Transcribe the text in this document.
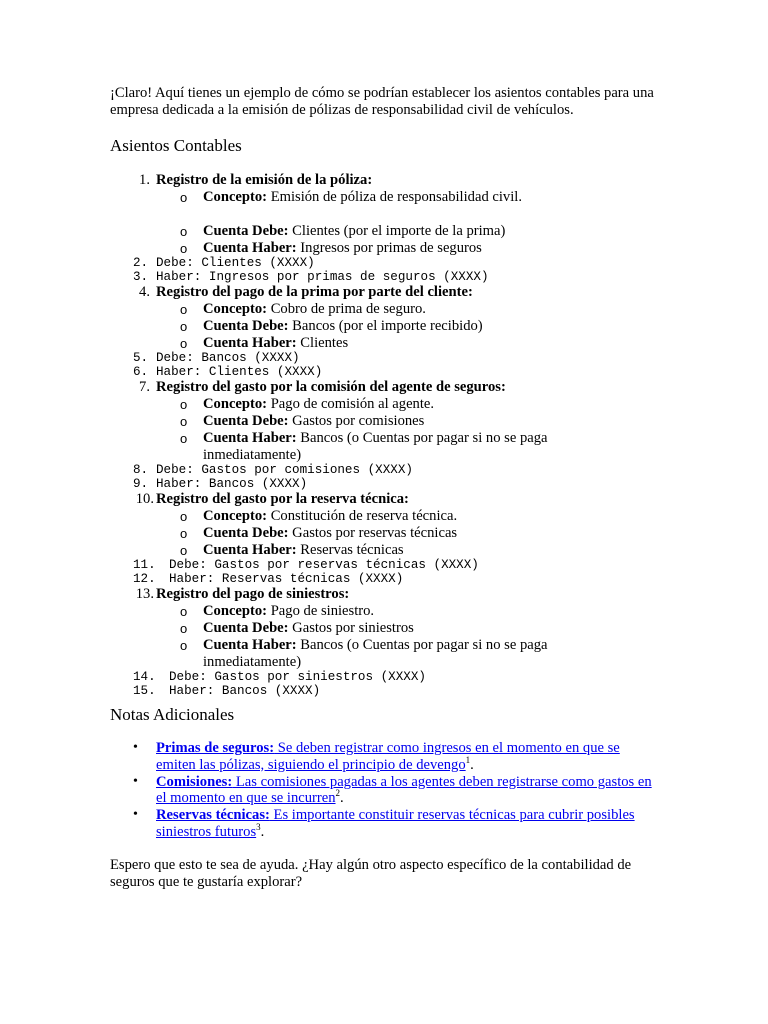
¡Claro! Aquí tienes un ejemplo de cómo se podrían establecer los asientos contables para una empresa dedicada a la emisión de pólizas de responsabilidad civil de vehículos.
Asientos Contables
1. Registro de la emisión de la póliza:
o Concepto: Emisión de póliza de responsabilidad civil.
o Cuenta Debe: Clientes (por el importe de la prima)
o Cuenta Haber: Ingresos por primas de seguros
2. Debe: Clientes (XXXX)
3. Haber: Ingresos por primas de seguros (XXXX)
4. Registro del pago de la prima por parte del cliente:
o Concepto: Cobro de prima de seguro.
o Cuenta Debe: Bancos (por el importe recibido)
o Cuenta Haber: Clientes
5. Debe: Bancos (XXXX)
6. Haber: Clientes (XXXX)
7. Registro del gasto por la comisión del agente de seguros:
o Concepto: Pago de comisión al agente.
o Cuenta Debe: Gastos por comisiones
o Cuenta Haber: Bancos (o Cuentas por pagar si no se paga inmediatamente)
8. Debe: Gastos por comisiones (XXXX)
9. Haber: Bancos (XXXX)
10. Registro del gasto por la reserva técnica:
o Concepto: Constitución de reserva técnica.
o Cuenta Debe: Gastos por reservas técnicas
o Cuenta Haber: Reservas técnicas
11. Debe: Gastos por reservas técnicas (XXXX)
12. Haber: Reservas técnicas (XXXX)
13. Registro del pago de siniestros:
o Concepto: Pago de siniestro.
o Cuenta Debe: Gastos por siniestros
o Cuenta Haber: Bancos (o Cuentas por pagar si no se paga inmediatamente)
14. Debe: Gastos por siniestros (XXXX)
15. Haber: Bancos (XXXX)
Notas Adicionales
• Primas de seguros: Se deben registrar como ingresos en el momento en que se emiten las pólizas, siguiendo el principio de devengo$^1$.
• Comisiones: Las comisiones pagadas a los agentes deben registrarse como gastos en el momento en que se incurren$^2$.
• Reservas técnicas: Es importante constituir reservas técnicas para cubrir posibles siniestros futuros$^3$.
Espero que esto te sea de ayuda. ¿Hay algún otro aspecto específico de la contabilidad de seguros que te gustaría explorar?
